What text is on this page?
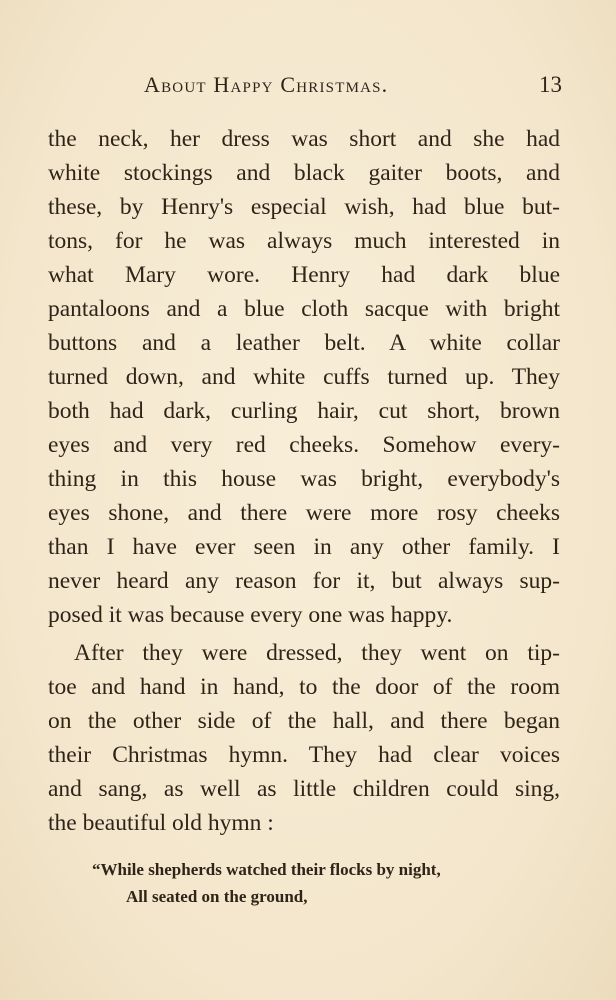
About Happy Christmas.	13
the neck, her dress was short and she had
white stockings and black gaiter boots, and
these, by Henry's especial wish, had blue but-
tons, for he was always much interested in
what Mary wore. Henry had dark blue
pantaloons and a blue cloth sacque with bright
buttons and a leather belt. A white collar
turned down, and white cuffs turned up. They
both had dark, curling hair, cut short, brown
eyes and very red cheeks. Somehow every-
thing in this house was bright, everybody's
eyes shone, and there were more rosy cheeks
than I have ever seen in any other family. I
never heard any reason for it, but always sup-
posed it was because every one was happy.
After they were dressed, they went on tip-
toe and hand in hand, to the door of the room
on the other side of the hall, and there began
their Christmas hymn. They had clear voices
and sang, as well as little children could sing,
the beautiful old hymn :
“While shepherds watched their flocks by night,
All seated on the ground,
